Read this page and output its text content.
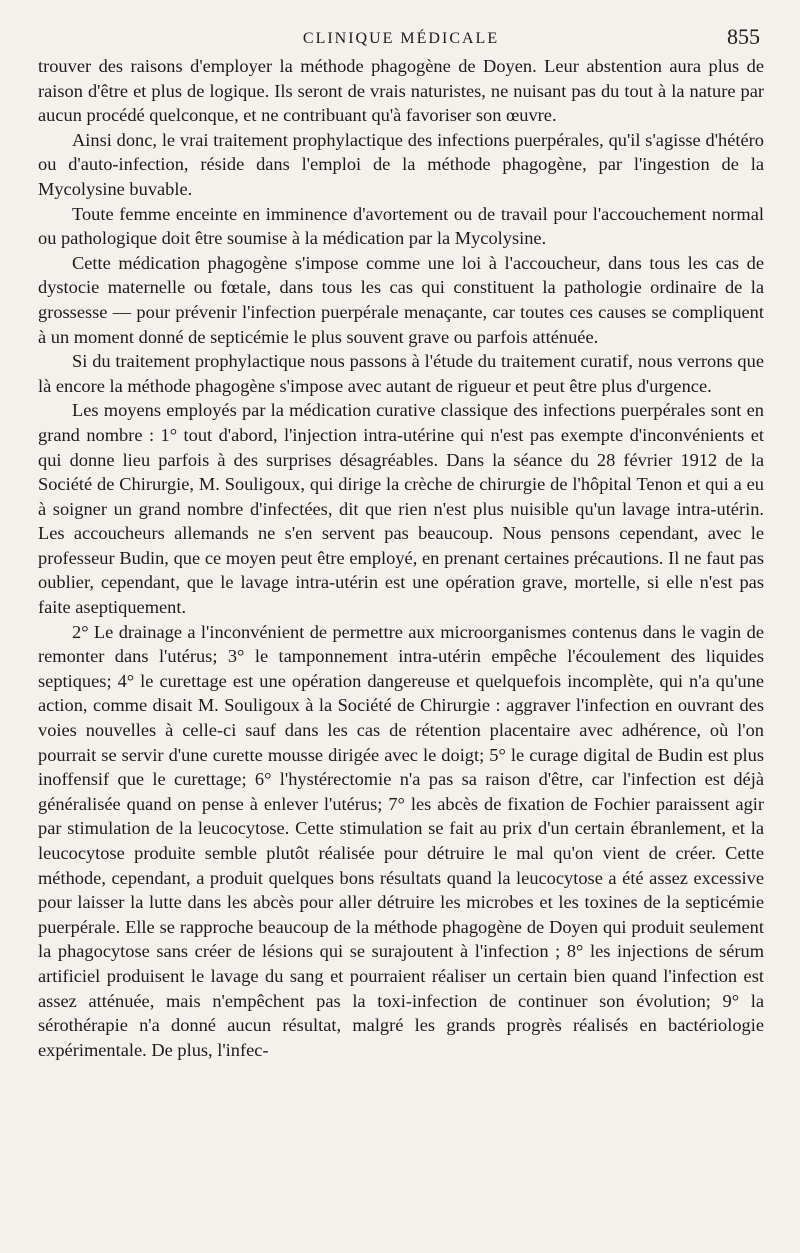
CLINIQUE MÉDICALE	855

trouver des raisons d'employer la méthode phagogène de Doyen. Leur abstention aura plus de raison d'être et plus de logique. Ils seront de vrais naturistes, ne nuisant pas du tout à la nature par aucun procédé quelconque, et ne contribuant qu'à favoriser son œuvre.

Ainsi donc, le vrai traitement prophylactique des infections puerpérales, qu'il s'agisse d'hétéro ou d'auto-infection, réside dans l'emploi de la méthode phagogène, par l'ingestion de la Mycolysine buvable.

Toute femme enceinte en imminence d'avortement ou de travail pour l'accouchement normal ou pathologique doit être soumise à la médication par la Mycolysine.

Cette médication phagogène s'impose comme une loi à l'accoucheur, dans tous les cas de dystocie maternelle ou fœtale, dans tous les cas qui constituent la pathologie ordinaire de la grossesse — pour prévenir l'infection puerpérale menaçante, car toutes ces causes se compliquent à un moment donné de septicémie le plus souvent grave ou parfois atténuée.

Si du traitement prophylactique nous passons à l'étude du traitement curatif, nous verrons que là encore la méthode phagogène s'impose avec autant de rigueur et peut être plus d'urgence.

Les moyens employés par la médication curative classique des infections puerpérales sont en grand nombre : 1° tout d'abord, l'injection intra-utérine qui n'est pas exempte d'inconvénients et qui donne lieu parfois à des surprises désagréables. Dans la séance du 28 février 1912 de la Société de Chirurgie, M. Souligoux, qui dirige la crèche de chirurgie de l'hôpital Tenon et qui a eu à soigner un grand nombre d'infectées, dit que rien n'est plus nuisible qu'un lavage intra-utérin. Les accoucheurs allemands ne s'en servent pas beaucoup. Nous pensons cependant, avec le professeur Budin, que ce moyen peut être employé, en prenant certaines précautions. Il ne faut pas oublier, cependant, que le lavage intra-utérin est une opération grave, mortelle, si elle n'est pas faite aseptiquement.

2° Le drainage a l'inconvénient de permettre aux microorganismes contenus dans le vagin de remonter dans l'utérus; 3° le tamponnement intra-utérin empêche l'écoulement des liquides septiques; 4° le curettage est une opération dangereuse et quelquefois incomplète, qui n'a qu'une action, comme disait M. Souligoux à la Société de Chirurgie : aggraver l'infection en ouvrant des voies nouvelles à celle-ci sauf dans les cas de rétention placentaire avec adhérence, où l'on pourrait se servir d'une curette mousse dirigée avec le doigt; 5° le curage digital de Budin est plus inoffensif que le curettage; 6° l'hystérectomie n'a pas sa raison d'être, car l'infection est déjà généralisée quand on pense à enlever l'utérus; 7° les abcès de fixation de Fochier paraissent agir par stimulation de la leucocytose. Cette stimulation se fait au prix d'un certain ébranlement, et la leucocytose produite semble plutôt réalisée pour détruire le mal qu'on vient de créer. Cette méthode, cependant, a produit quelques bons résultats quand la leucocytose a été assez excessive pour laisser la lutte dans les abcès pour aller détruire les microbes et les toxines de la septicémie puerpérale. Elle se rapproche beaucoup de la méthode phagogène de Doyen qui produit seulement la phagocytose sans créer de lésions qui se surajoutent à l'infection ; 8° les injections de sérum artificiel produisent le lavage du sang et pourraient réaliser un certain bien quand l'infection est assez atténuée, mais n'empêchent pas la toxi-infection de continuer son évolution; 9° la sérothérapie n'a donné aucun résultat, malgré les grands progrès réalisés en bactériologie expérimentale. De plus, l'infec-
